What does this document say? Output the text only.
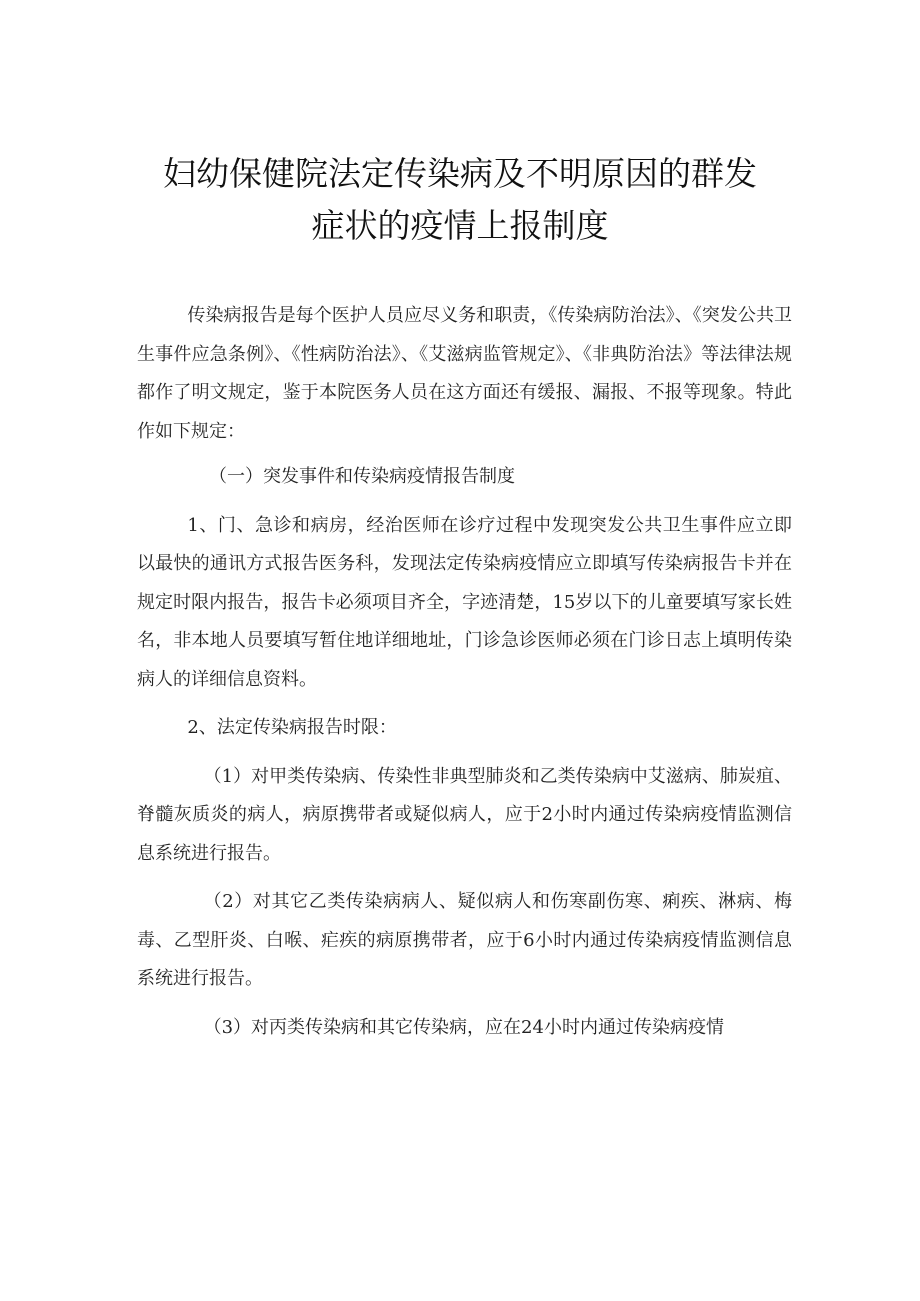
妇幼保健院法定传染病及不明原因的群发
症状的疫情上报制度

传染病报告是每个医护人员应尽义务和职责，《传染病防治法》、《突发公共卫生事件应急条例》、《性病防治法》、《艾滋病监管规定》、《非典防治法》等法律法规都作了明文规定，鉴于本院医务人员在这方面还有缓报、漏报、不报等现象。特此作如下规定：

（一）突发事件和传染病疫情报告制度

1、门、急诊和病房，经治医师在诊疗过程中发现突发公共卫生事件应立即以最快的通讯方式报告医务科，发现法定传染病疫情应立即填写传染病报告卡并在规定时限内报告，报告卡必须项目齐全，字迹清楚，15岁以下的儿童要填写家长姓名，非本地人员要填写暂住地详细地址，门诊急诊医师必须在门诊日志上填明传染病人的详细信息资料。

2、法定传染病报告时限：

（1）对甲类传染病、传染性非典型肺炎和乙类传染病中艾滋病、肺炭疽、脊髓灰质炎的病人，病原携带者或疑似病人，应于2小时内通过传染病疫情监测信息系统进行报告。

（2）对其它乙类传染病病人、疑似病人和伤寒副伤寒、痢疾、淋病、梅毒、乙型肝炎、白喉、疟疾的病原携带者，应于6小时内通过传染病疫情监测信息系统进行报告。

（3）对丙类传染病和其它传染病，应在24小时内通过传染病疫情
